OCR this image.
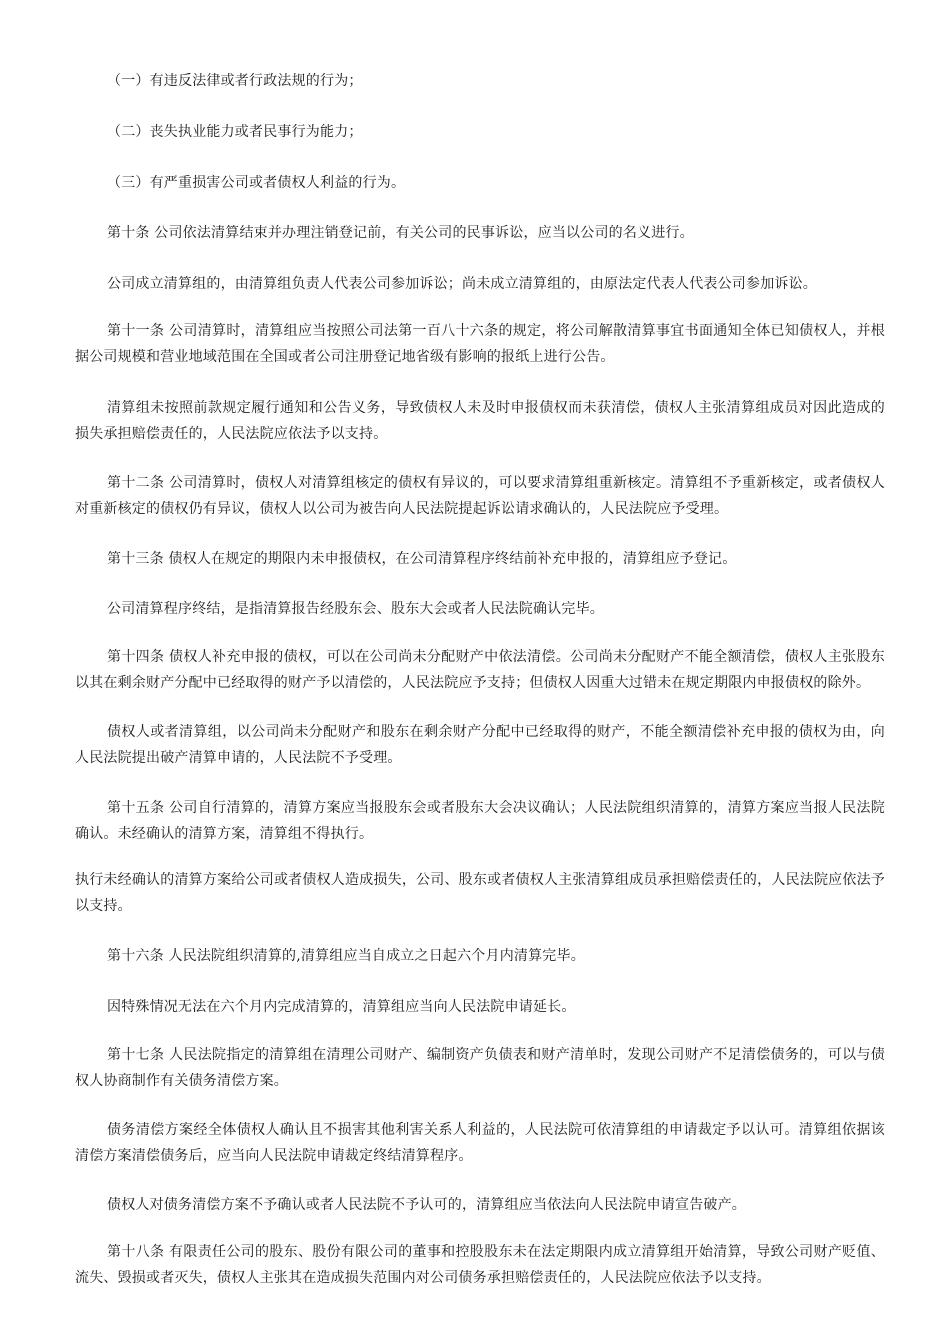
（一）有违反法律或者行政法规的行为；

（二）丧失执业能力或者民事行为能力；

（三）有严重损害公司或者债权人利益的行为。

第十条 公司依法清算结束并办理注销登记前，有关公司的民事诉讼，应当以公司的名义进行。

公司成立清算组的，由清算组负责人代表公司参加诉讼；尚未成立清算组的，由原法定代表人代表公司参加诉讼。

第十一条 公司清算时，清算组应当按照公司法第一百八十六条的规定，将公司解散清算事宜书面通知全体已知债权人，并根据公司规模和营业地域范围在全国或者公司注册登记地省级有影响的报纸上进行公告。

清算组未按照前款规定履行通知和公告义务，导致债权人未及时申报债权而未获清偿，债权人主张清算组成员对因此造成的损失承担赔偿责任的，人民法院应依法予以支持。

第十二条 公司清算时，债权人对清算组核定的债权有异议的，可以要求清算组重新核定。清算组不予重新核定，或者债权人对重新核定的债权仍有异议，债权人以公司为被告向人民法院提起诉讼请求确认的，人民法院应予受理。

第十三条 债权人在规定的期限内未申报债权，在公司清算程序终结前补充申报的，清算组应予登记。

公司清算程序终结，是指清算报告经股东会、股东大会或者人民法院确认完毕。

第十四条 债权人补充申报的债权，可以在公司尚未分配财产中依法清偿。公司尚未分配财产不能全额清偿，债权人主张股东以其在剩余财产分配中已经取得的财产予以清偿的，人民法院应予支持；但债权人因重大过错未在规定期限内申报债权的除外。

债权人或者清算组，以公司尚未分配财产和股东在剩余财产分配中已经取得的财产，不能全额清偿补充申报的债权为由，向人民法院提出破产清算申请的，人民法院不予受理。

第十五条 公司自行清算的，清算方案应当报股东会或者股东大会决议确认；人民法院组织清算的，清算方案应当报人民法院确认。未经确认的清算方案，清算组不得执行。

执行未经确认的清算方案给公司或者债权人造成损失，公司、股东或者债权人主张清算组成员承担赔偿责任的，人民法院应依法予以支持。

第十六条 人民法院组织清算的,清算组应当自成立之日起六个月内清算完毕。

因特殊情况无法在六个月内完成清算的，清算组应当向人民法院申请延长。

第十七条 人民法院指定的清算组在清理公司财产、编制资产负债表和财产清单时，发现公司财产不足清偿债务的，可以与债权人协商制作有关债务清偿方案。

债务清偿方案经全体债权人确认且不损害其他利害关系人利益的，人民法院可依清算组的申请裁定予以认可。清算组依据该清偿方案清偿债务后，应当向人民法院申请裁定终结清算程序。

债权人对债务清偿方案不予确认或者人民法院不予认可的，清算组应当依法向人民法院申请宣告破产。

第十八条 有限责任公司的股东、股份有限公司的董事和控股股东未在法定期限内成立清算组开始清算，导致公司财产贬值、流失、毁损或者灭失，债权人主张其在造成损失范围内对公司债务承担赔偿责任的，人民法院应依法予以支持。
